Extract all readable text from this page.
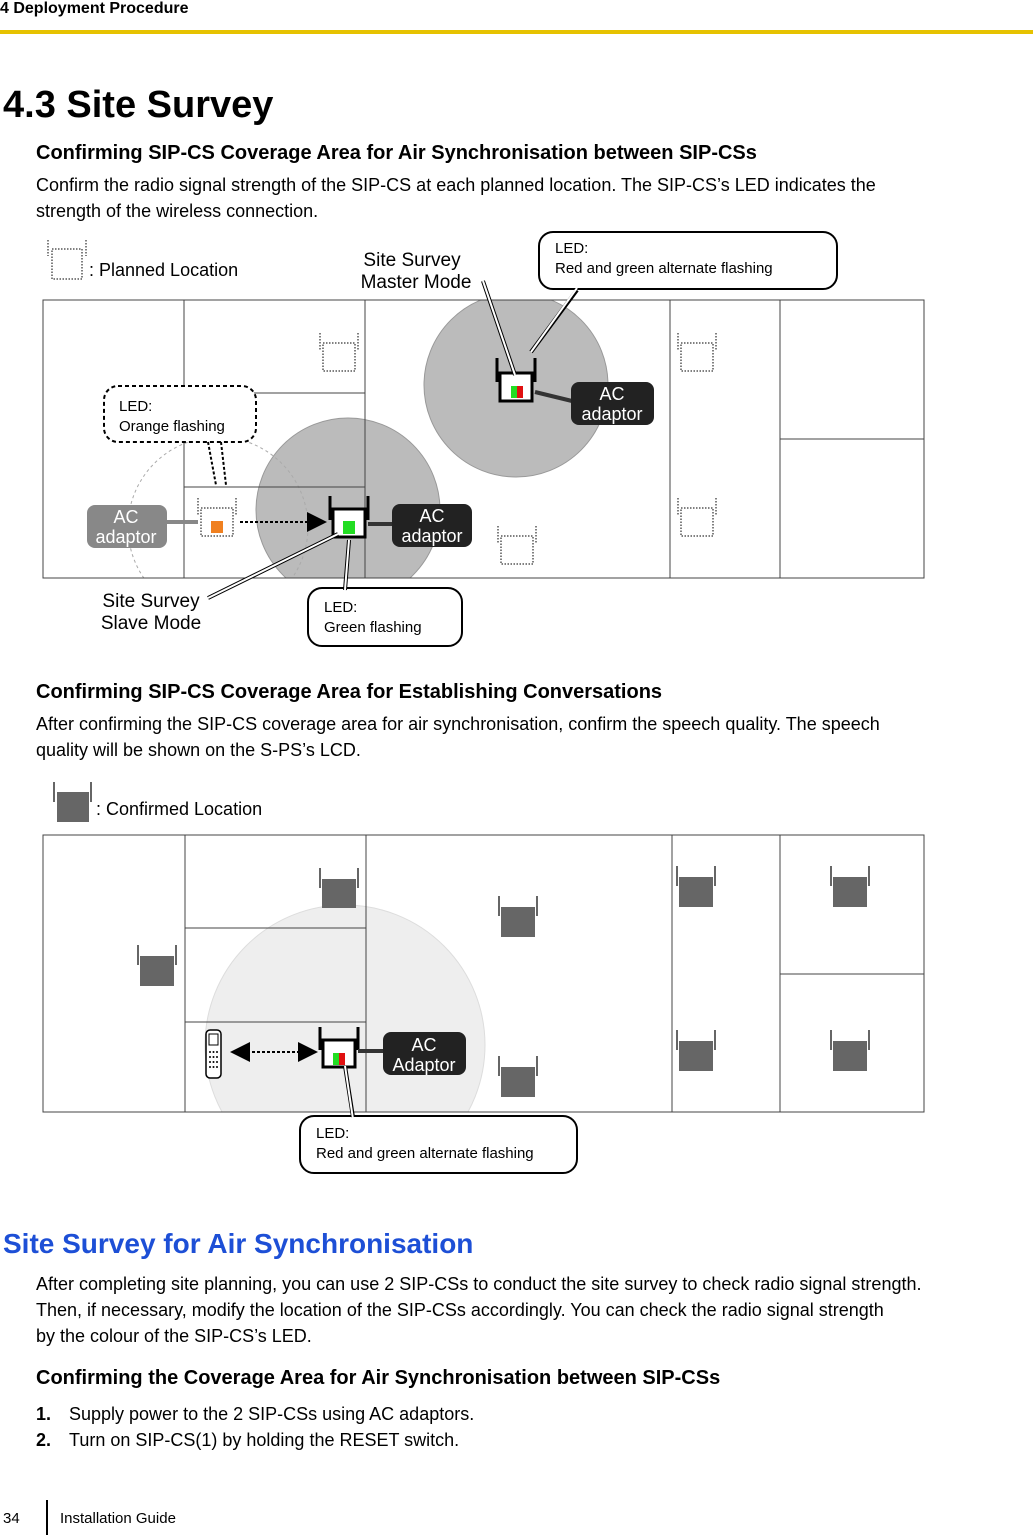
4 Deployment Procedure
4.3 Site Survey
Confirming SIP-CS Coverage Area for Air Synchronisation between SIP-CSs
Confirm the radio signal strength of the SIP-CS at each planned location. The SIP-CS’s LED indicates the
strength of the wireless connection.
: Planned Location
AC
adaptor
AC
adaptor
AC
adaptor
Site Survey
Master Mode
LED:
Red and green alternate flashing
LED:
Orange flashing
Site Survey
Slave Mode
LED:
Green flashing
Confirming SIP-CS Coverage Area for Establishing Conversations
After confirming the SIP-CS coverage area for air synchronisation, confirm the speech quality. The speech
quality will be shown on the S-PS’s LCD.
: Confirmed Location
AC
Adaptor
LED:
Red and green alternate flashing
Site Survey for Air Synchronisation
After completing site planning, you can use 2 SIP-CSs to conduct the site survey to check radio signal strength.
Then, if necessary, modify the location of the SIP-CSs accordingly. You can check the radio signal strength
by the colour of the SIP-CS’s LED.
Confirming the Coverage Area for Air Synchronisation between SIP-CSs
1. Supply power to the 2 SIP-CSs using AC adaptors.
2. Turn on SIP-CS(1) by holding the RESET switch.
34	Installation Guide
